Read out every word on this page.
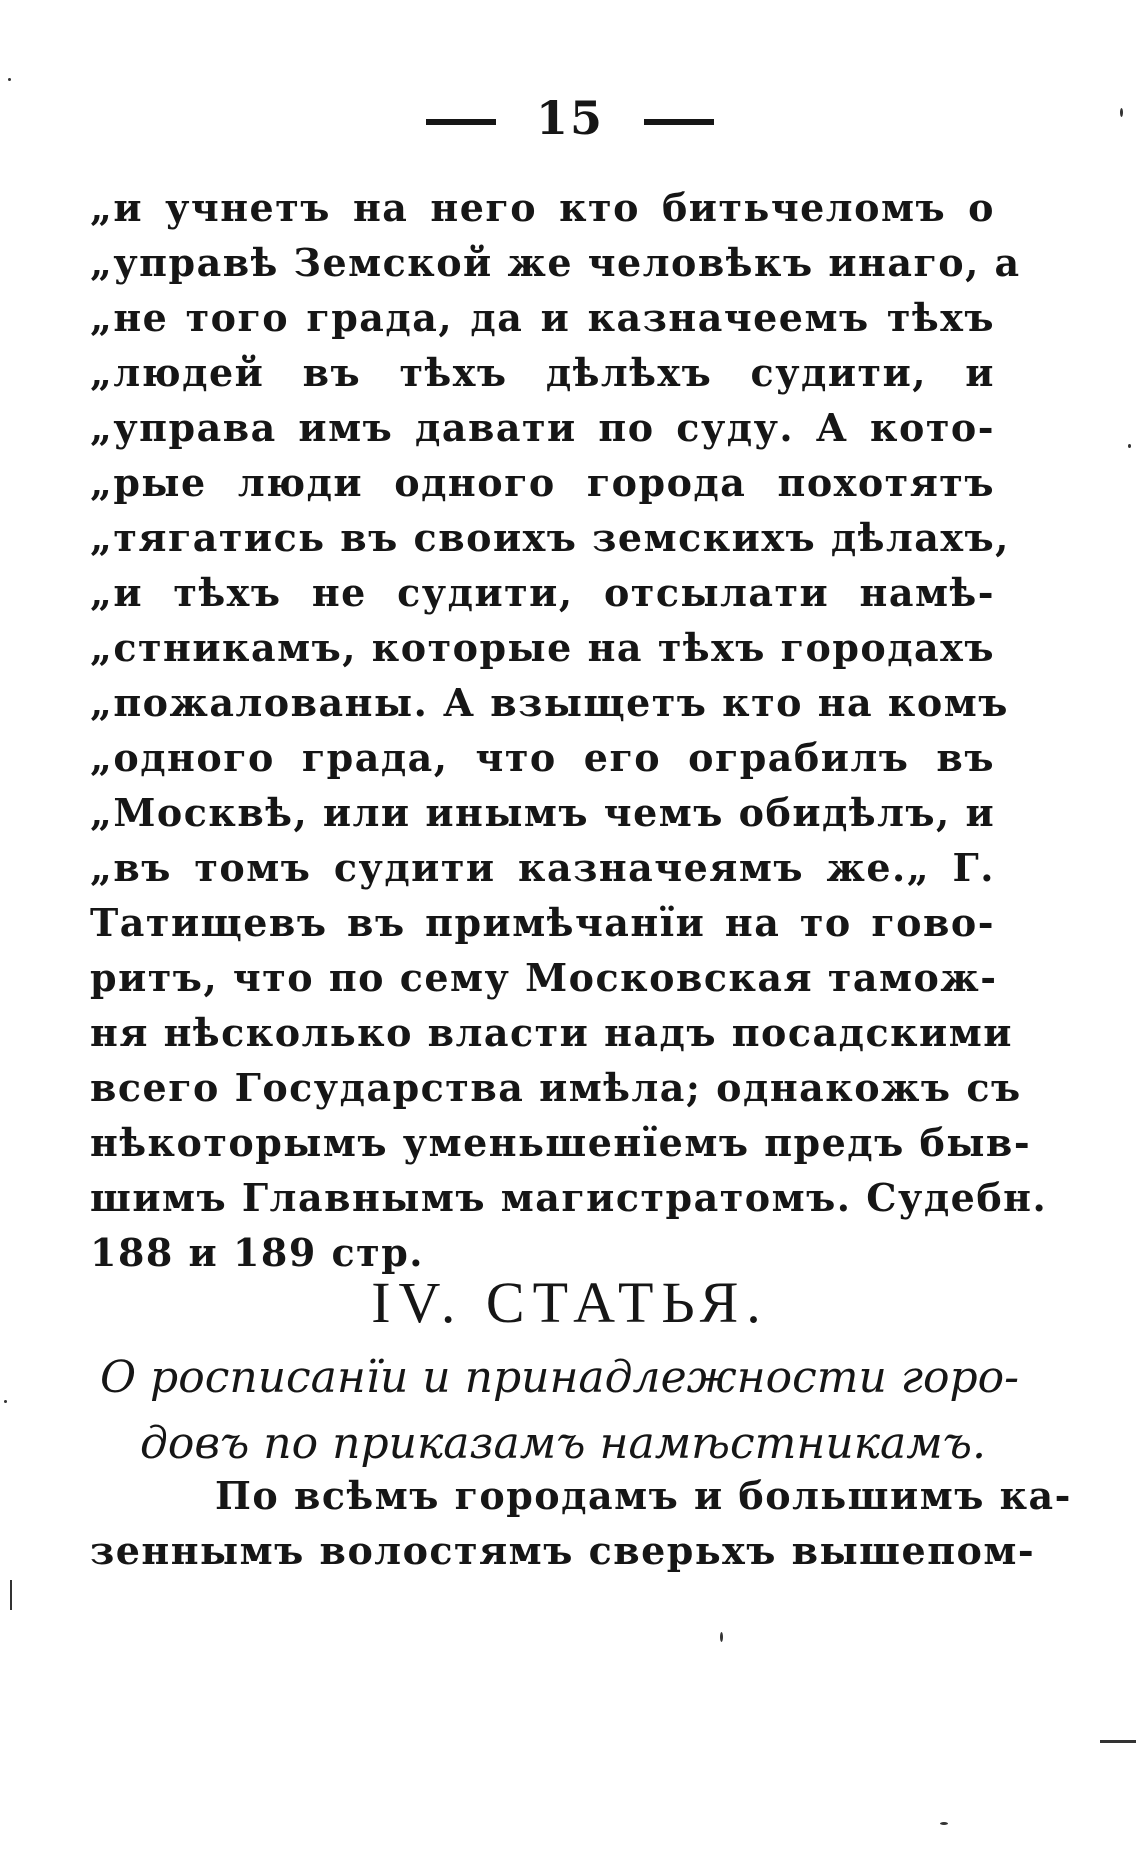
15
„и учнетъ на него кто битьчеломъ о
„управѣ Земской же человѣкъ инаго, а
„не того града, да и казначеемъ тѣхъ
„людей въ тѣхъ дѣлѣхъ судити, и
„управа имъ давати по суду. А кото-
„рые люди одного города похотятъ
„тягатись въ своихъ земскихъ дѣлахъ,
„и тѣхъ не судити, отсылати намѣ-
„стникамъ, которые на тѣхъ городахъ
„пожалованы. А взыщетъ кто на комъ
„одного града, что его ограбилъ въ
„Москвѣ, или инымъ чемъ обидѣлъ, и
„въ томъ судити казначеямъ же.„ Г.
Татищевъ въ примѣчанїи на то говo-
ритъ, что по сему Московская тамож-
ня нѣсколько власти надъ посадскими
всего Государства имѣла; однакожъ съ
нѣкоторымъ уменьшенїемъ предъ быв-
шимъ Главнымъ магистратомъ. Судебн.
188 и 189 стр.
IV. СТАТЬЯ.
О росписанїи и принадлежности горо-
довъ по приказамъ намѣстникамъ.
По всѣмъ городамъ и большимъ ка-
зеннымъ волостямъ сверьхъ вышепом-
